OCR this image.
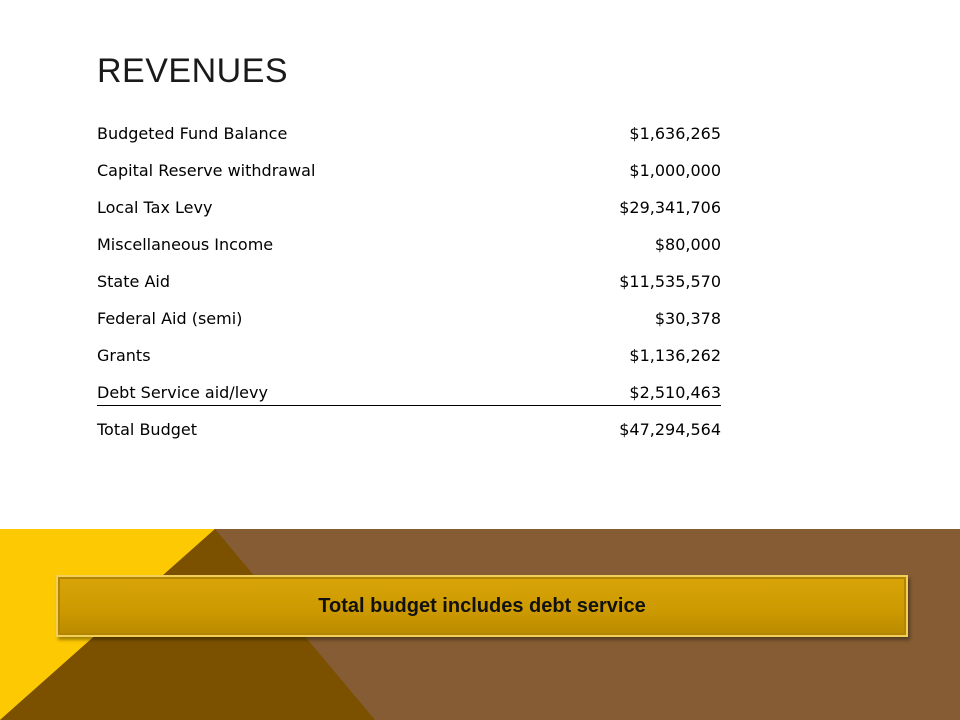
REVENUES
Budgeted Fund Balance	$1,636,265
Capital Reserve withdrawal	$1,000,000
Local Tax Levy	$29,341,706
Miscellaneous Income	$80,000
State Aid	$11,535,570
Federal Aid (semi)	$30,378
Grants	$1,136,262
Debt Service aid/levy	$2,510,463
Total Budget	$47,294,564
Total budget includes debt service
